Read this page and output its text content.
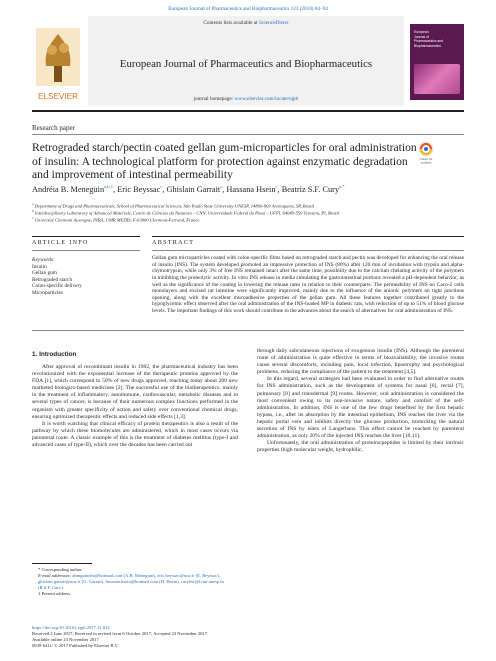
European Journal of Pharmaceutics and Biopharmaceutics 123 (2018) 84–94
ELSEVIER
Contents lists available at ScienceDirect
European Journal of Pharmaceutics and Biopharmaceutics
journal homepage: www.elsevier.com/locate/ejpb
European
Journal of
Pharmaceutics and
Biopharmaceutics
Research paper
Retrograded starch/pectin coated gellan gum-microparticles for oral administration of insulin: A technological platform for protection against enzymatic degradation and improvement of intestinal permeability
Check for
updates
Andréia B. Meneguin$^{a,b,1}$, Eric Beyssac$^c$, Ghislain Garrait$^c$, Hassana Hsein$^c$, Beatriz S.F. Cury$^{a,*}$
$^a$ Department of Drugs and Pharmaceuticals, School of Pharmaceutical Sciences, São Paulo State University-UNESP, 14800-903 Araraquara, SP, Brazil
$^b$ Interdisciplinary Laboratory of Advanced Materials, Centro de Ciências da Natureza – CNN, Universidade Federal do Piauí – UFPI, 64049-550 Teresina, PI, Brazil
$^c$ Université Clermont Auvergne, INRA, UMR MEDIS, F-63000 Clermont-Ferrand, France
ARTICLE INFO	ABSTRACT
Keywords:
Insulin
Gellan gum
Retrograded starch
Colon-specific delivery
Microparticles
Gellan gum microparticles coated with colon-specific films based on retrograded starch and pectin was developed for enhancing the oral release of insulin (INS). The system developed promoted an impressive protection of INS (80%) after 120 min of incubation with trypsin and alpha-chymotrypsin, while only 3% of free INS remained intact after the same time, possibility due to the calcium chelating activity of the polymers in inhibiting the proteolytic activity. In vitro INS release in media simulating the gastrointestinal portions revealed a pH-dependent behavior, as well as the significance of the coating in lowering the release rates in relation to their counterparts. The permeability of INS on Caco-2 cells monolayers and excised rat intestine were significantly improved, mainly due to the influence of the anionic polymers on tight junctions opening, along with the excellent mucoadhesive properties of the gellan gum. All these features together contributed greatly to the hypoglycemic effect observed after the oral administration of the INS-loaded MP in diabetic rats, with reduction of up to 51% of blood glucose levels. The important findings of this work should contribute to the advances about the search of alternatives for oral administration of INS.
1. Introduction

After approval of recombinant insulin in 1982, the pharmaceutical industry has been revolutionized with the exponential increase of the therapeutic proteins approved by the FDA [1], which correspond to 50% of new drugs approved, reaching today about 200 new marketed biologics-based medicines [2]. The successful use of the biotherapeutics, mainly in the treatment of inflammatory, autoimmune, cardiovascular, metabolic diseases and in several types of cancer, is because of their numerous complex functions performed in the organism with greater specificity of action and safety over conventional chemical drugs, ensuring optimized therapeutic effects and reduced side effects [1,3].

It is worth watching that clinical efficacy of protein therapeutics is also a result of the pathway by which these biomolecules are administered, which in most cases occurs via parenteral route. A classic example of this is the treatment of diabetes mellitus (type-I and advanced cases of type-II), which over the decades has been carried out

through daily subcutaneous injections of exogenous insulin (INS). Although the parenteral route of administration is quite effective in terms of bioavailability, the invasive routes cause several discomforts, including pain, local infection, lipostrophy and psychological problems, reducing the compliance of the patient to the treatment [4,5].

In this regard, several strategies had been evaluated in order to find alternative routes for INS administration, such as the development of systems for nasal [6], rectal [7], pulmonary [8] and transdermal [9] routes. However, oral administration is considered the most convenient owing to its non-invasive nature, safety and comfort of the self-administration. In addition, INS is one of the few drugs benefited by the first hepatic bypass, i.e., after its absorption by the intestinal epithelium, INS reaches the liver via the hepatic portal vein and inhibits directly the glucose production, mimicking the natural secretion of INS by islets of Langerhans. This effect cannot be reached by parenteral administration, as only 20% of the injected INS reaches the liver [10,11].

Unfortunately, the oral administration of proteins/peptides is limited by their intrinsic properties (high molecular weight, hydrophilic,

* Corresponding author.
E-mail addresses: abmguinrfm@hotmail.com (A.B. Meneguin), eric.beyssac@uca.fr (E. Beyssac), ghislain.garrait@uca.fr (G. Garrait), hassana.hsein@hotmail.com (H. Hsein), curybsf@fcfar.unesp.br (B.S.F. Cury).
1 Present address.
https://doi.org/10.1016/j.ejpb.2017.11.012
Received 2 June 2017; Received in revised form 6 October 2017; Accepted 23 November 2017
Available online 23 November 2017
0939-6411/ © 2017 Published by Elsevier B.V.
